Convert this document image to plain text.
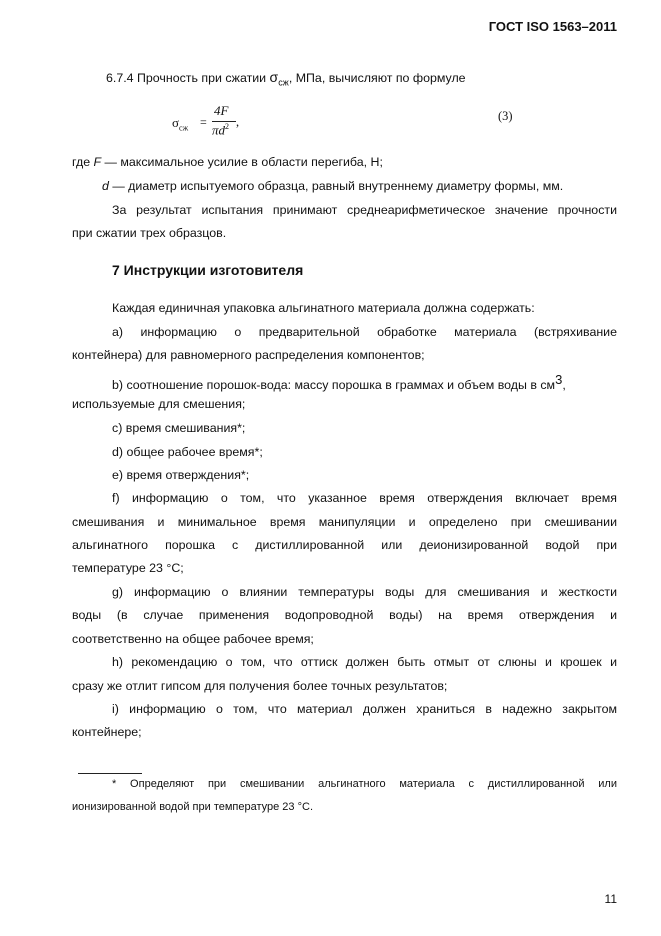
ГОСТ ISO 1563–2011
6.7.4 Прочность при сжатии $\sigma_{сж}$, МПа, вычисляют по формуле
$\sigma_{сж}$ =
4F
$\pi d^2$ ,	(3)
где F — максимальное усилие в области перегиба, Н;
d — диаметр испытуемого образца, равный внутреннему диаметру формы, мм.
За результат испытания принимают среднеарифметическое значение прочности
при сжатии трех образцов.
7 Инструкции изготовителя
Каждая единичная упаковка альгинатного материала должна содержать:
а) информацию о предварительной обработке материала (встряхивание
контейнера) для равномерного распределения компонентов;
b) соотношение порошок-вода: массу порошка в граммах и объем воды в $см^3$,
используемые для смешения;
с) время смешивания*;
d) общее рабочее время*;
е) время отверждения*;
f) информацию о том, что указанное время отверждения включает время
смешивания и минимальное время манипуляции и определено при смешивании
альгинатного порошка с дистиллированной или деионизированной водой при
температуре 23 °С;
g) информацию о влиянии температуры воды для смешивания и жесткости
воды (в случае применения водопроводной воды) на время отверждения и
соответственно на общее рабочее время;
h) рекомендацию о том, что оттиск должен быть отмыт от слюны и крошек и
сразу же отлит гипсом для получения более точных результатов;
i) информацию о том, что материал должен храниться в надежно закрытом
контейнере;
* Определяют при смешивании альгинатного материала с дистиллированной или
ионизированной водой при температуре 23 °С.
11
